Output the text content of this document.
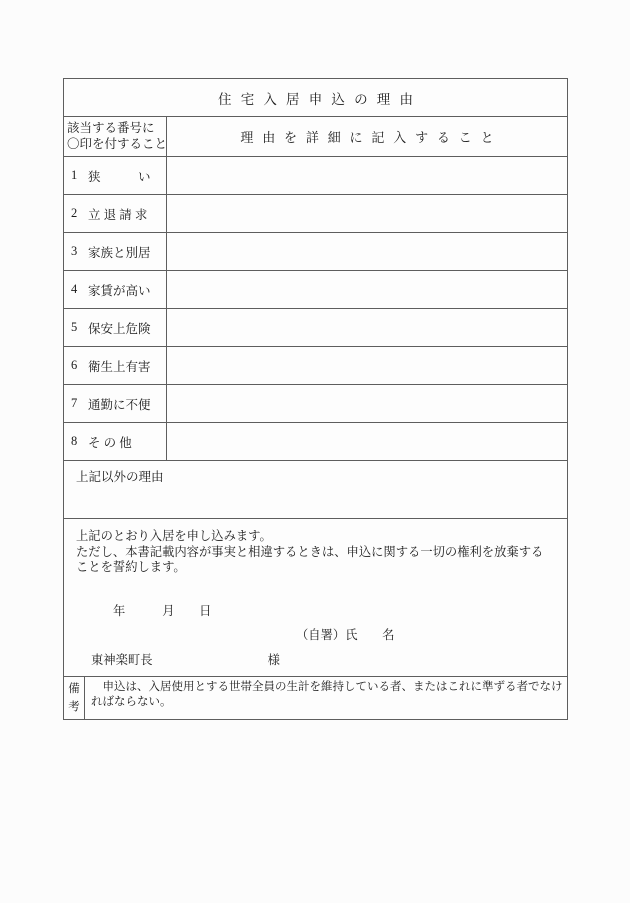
住宅入居申込の理由
該当する番号に
〇印を付すること	理由を詳細に記入すること
1 狭　　　い
2 立 退 請 求
3 家族と別居
4 家賃が高い
5 保安上危険
6 衛生上有害
7 通勤に不便
8 そ の 他
上記以外の理由
上記のとおり入居を申し込みます。
ただし、本書記載内容が事実と相違するときは、申込に関する一切の権利を放棄する
ことを誓約します。
年　　　月　　日
（自署）氏　　名
東神楽町長	様
備
考
　申込は、入居使用とする世帯全員の生計を維持している者、またはこれに準ずる者でなけ
ればならない。
